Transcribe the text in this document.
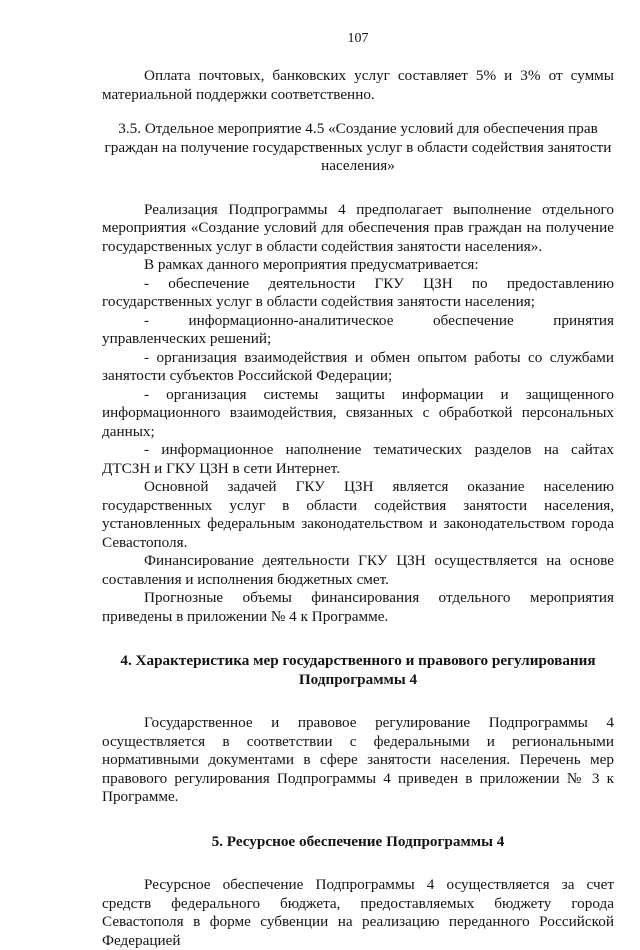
107

Оплата почтовых, банковских услуг составляет 5% и 3% от суммы материальной поддержки соответственно.

3.5. Отдельное мероприятие 4.5 «Создание условий для обеспечения прав граждан на получение государственных услуг в области содействия занятости населения»

Реализация Подпрограммы 4 предполагает выполнение отдельного мероприятия «Создание условий для обеспечения прав граждан на получение государственных услуг в области содействия занятости населения».

В рамках данного мероприятия предусматривается:

- обеспечение деятельности ГКУ ЦЗН по предоставлению государственных услуг в области содействия занятости населения;

- информационно-аналитическое обеспечение принятия управленческих решений;

- организация взаимодействия и обмен опытом работы со службами занятости субъектов Российской Федерации;

- организация системы защиты информации и защищенного информационного взаимодействия, связанных с обработкой персональных данных;

- информационное наполнение тематических разделов на сайтах ДТСЗН и ГКУ ЦЗН в сети Интернет.

Основной задачей ГКУ ЦЗН является оказание населению государственных услуг в области содействия занятости населения, установленных федеральным законодательством и законодательством города Севастополя.

Финансирование деятельности ГКУ ЦЗН осуществляется на основе составления и исполнения бюджетных смет.

Прогнозные объемы финансирования отдельного мероприятия приведены в приложении № 4 к Программе.

4. Характеристика мер государственного и правового регулирования Подпрограммы 4

Государственное и правовое регулирование Подпрограммы 4 осуществляется в соответствии с федеральными и региональными нормативными документами в сфере занятости населения. Перечень мер правового регулирования Подпрограммы 4 приведен в приложении № 3 к Программе.

5. Ресурсное обеспечение Подпрограммы 4

Ресурсное обеспечение Подпрограммы 4 осуществляется за счет средств федерального бюджета, предоставляемых бюджету города Севастополя в форме субвенции на реализацию переданного Российской Федерацией
